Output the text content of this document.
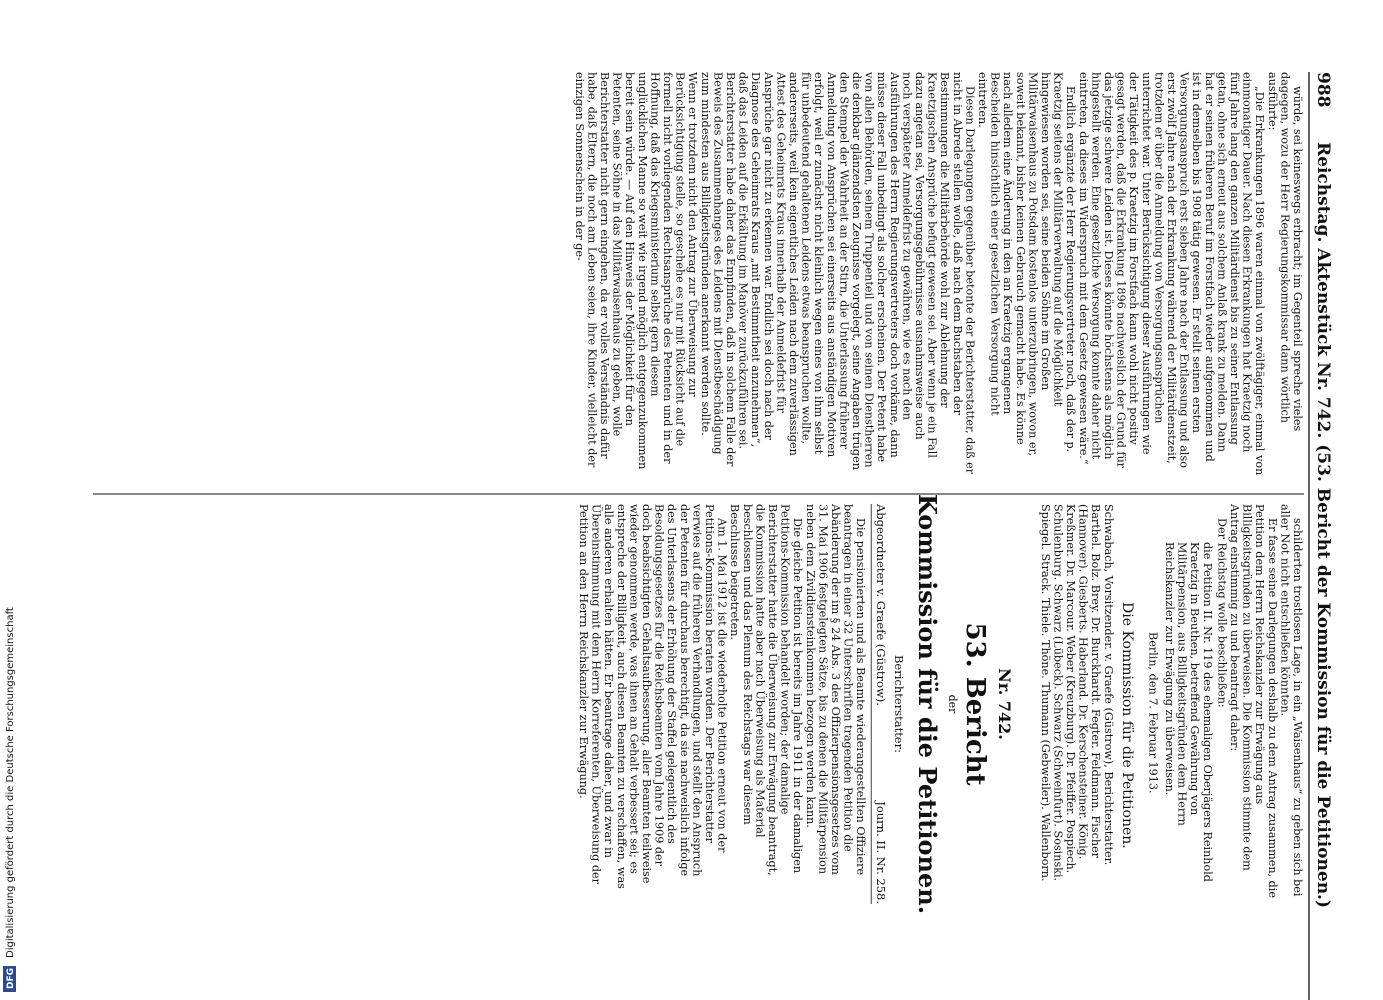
988
Reichstag. Aktenstück Nr. 742. (53. Bericht der Kommission für die Petitionen.)
würde, sei keineswegs erbracht; im Gegenteil spreche vieles
dagegen, wozu der Herr Regierungskommissar dann wörtlich
ausführte:
„Die Erkrankungen 1896 waren einmal von zwölftägiger, einmal von
einmonatiger Dauer. Nach diesen Erkrankungen hat Kraetzig noch
fünf Jahre lang den ganzen Militärdienst bis zu seiner Entlassung
getan, ohne sich erneut aus solchem Anlaß krank zu melden. Dann
hat er seinen früheren Beruf im Forstfach wieder aufgenommen und
ist in demselben bis 1908 tätig gewesen. Er stellt seinen ersten
Versorgungsanspruch erst sieben Jahre nach der Entlassung und also
erst zwölf Jahre nach der Erkrankung während der Militärdienstzeit,
trotzdem er über die Anmeldung von Versorgungsansprüchen
unterrichtet war. Unter Berücksichtigung dieser Ausführungen wie
der Tätigkeit des p. Kraetzig im Forstfach kann wohl nicht positiv
gesagt werden, daß die Erkrankung 1896 nachweislich der Grund für
das jetzige schwere Leiden ist. Dieses könnte höchstens als möglich
hingestellt werden. Eine gesetzliche Versorgung konnte daher nicht
eintreten, da dieses im Widerspruch mit dem Gesetz gewesen wäre.“
Endlich ergänzte der Herr Regierungsvertreter noch, daß der p.
Kraetzig seitens der Militärverwaltung auf die Möglichkeit
hingewiesen worden sei, seine beiden Söhne im Großen
Militärwaisenhaus zu Potsdam kostenlos unterzubringen, wovon er,
soweit bekannt, bisher keinen Gebrauch gemacht habe. Es könne
nach alledem eine Änderung in den an Kraetzig ergangenen
Bescheiden hinsichtlich einer gesetzlichen Versorgung nicht
eintreten.
Diesen Darlegungen gegenüber betonte der Berichterstatter, daß er
nicht in Abrede stellen wolle, daß nach dem Buchstaben der
Bestimmungen die Militärbehörde wohl zur Ablehnung der
Kraetzigschen Ansprüche befugt gewesen sei. Aber wenn je ein Fall
dazu angetan sei, Versorgungsgebührnisse ausnahmsweise auch
noch verspäteter Anmeldefrist zu gewähren, wie es nach den
Ausführungen des Herrn Regierungsvertreters doch vorkäme, dann
müsse dieser Fall unbedingt als solcher erscheinen. Der Petent habe
von allen Behörden, seinem Truppenteil und von seinen Dienstherren
die denkbar glänzendsten Zeugnisse vorgelegt, seine Angaben trügen
den Stempel der Wahrheit an der Stirn, die Unterlassung früherer
Anmeldung von Ansprüchen sei einerseits aus anständigen Motiven
erfolgt, weil er zunächst nicht kleinlich wegen eines von ihm selbst
für unbedeutend gehaltenen Leidens etwas beanspruchen wollte,
andererseits, weil kein eigentliches Leiden nach dem zuverlässigen
Attest des Geheimrats Kraus innerhalb der Anmeldefrist für
Ansprüche gar nicht zu erkennen war. Endlich sei doch nach der
Diagnose des Geheimrats Kraus „mit Bestimmtheit anzunehmen“,
daß das Leiden auf die Erkältung im Manöver zurückzuführen sei.
Berichterstatter habe daher das Empfinden, daß in solchem Falle der
Beweis des Zusammenhanges des Leidens mit Dienstbeschädigung
zum mindesten aus Billigkeitsgründen anerkannt werden sollte.
Wenn er trotzdem nicht den Antrag zur Überweisung zur
Berücksichtigung stelle, so geschehe es nur mit Rücksicht auf die
formell nicht vorliegenden Rechtsansprüche des Petenten und in der
Hoffnung, daß das Kriegsministerium selbst gern diesem
unglücklichen Manne so weit wie irgend möglich entgegenzukommen
bereit sein würde. — Auf den Hinweis der Möglichkeit für den
Petenten, seine Söhne in das Militärwaisenhaus zu geben, wolle
Berichterstatter nicht gern eingehen, da er volles Verständnis dafür
habe, daß Eltern, die noch am Leben seien, ihre Kinder, vielleicht der
einzigen Sonnenschein in der ge-
schilderten trostlosen Lage, in ein „Waisenhaus“ zu geben sich bei
aller Not nicht entschließen könnten.
Er fasse seine Darlegungen deshalb zu dem Antrag zusammen, die
Petition dem Herrn Reichskanzler zur Erwägung aus
Billigkeitsgründen zu überweisen. Die Kommission stimmte dem
Antrag einstimmig zu und beantragt daher:
Der Reichstag wolle beschließen:
die Petition II. Nr. 119 des ehemaligen Oberjägers Reinhold
Kraetzig in Beuthen, betreffend Gewährung von
Militärpension, aus Billigkeitsgründen dem Herrn
Reichskanzler zur Erwägung zu überweisen.
Berlin, den 7. Februar 1913.
Die Kommission für die Petitionen.
Schwabach, Vorsitzender. v. Graefe (Güstrow), Berichterstatter.
Barthel. Bolz. Brey. Dr. Burckhardt. Fegter. Feldmann. Fischer
(Hannover). Giesberts. Haberland. Dr. Kerschensteiner. König.
Kreßmer. Dr. Marcour. Weber (Kreuzburg). Dr. Pfeiffer. Pospiech.
Schulenburg. Schwarz (Lübeck). Schwarz (Schweinfurt). Sosinski.
Spiegel. Strack. Thiele. Thöne. Thumann (Gebweiler). Wallenborn.
Nr. 742.
53. Bericht
der
Kommission für die Petitionen.
Berichterstatter:
Abgeordneter v. Graefe (Güstrow).
Journ. II. Nr. 258.
Die pensionierten und als Beamte wiederangestellten Offiziere
beantragen in einer 32 Unterschriften tragenden Petition die
Abänderung der im § 24 Abs. 3 des Offizierpensionsgesetzes vom
31. Mai 1906 festgelegten Sätze, bis zu denen die Militärpension
neben dem Zivildiensteinkommen bezogen werden kann.
Die gleiche Petition ist bereits im Jahre 1911 in der damaligen
Petitions-Kommission behandelt worden; der damalige
Berichterstatter hatte die Überweisung zur Erwägung beantragt,
die Kommission hatte aber nach Überweisung als Material
beschlossen und das Plenum des Reichstags war diesem
Beschlusse beigetreten.
Am 1. Mai 1912 ist die wiederholte Petition erneut von der
Petitions-Kommission beraten worden. Der Berichterstatter
verwies auf die früheren Verhandlungen, und stellt den Anspruch
der Petenten für durchaus berechtigt, da sie nachweislich infolge
des Unterlassens der Erhöhung der Staffel gelegentlich des
Besoldungsgesetzes für die Reichsbeamten vom Jahre 1909 der
doch beabsichtigten Gehaltsaufbesserung, aller Beamten teilweise
wieder genommen werde, was ihnen an Gehalt verbessert sei; es
entspreche der Billigkeit, auch diesen Beamten zu verschaffen, was
alle anderen erhalten hätten. Er beantrage daher, und zwar in
Übereinstimmung mit dem Herrn Korreferenten, Überweisung der
Petition an den Herrn Reichskanzler zur Erwägung.
DFG
Digitalisierung gefördert durch die Deutsche Forschungsgemeinschaft
